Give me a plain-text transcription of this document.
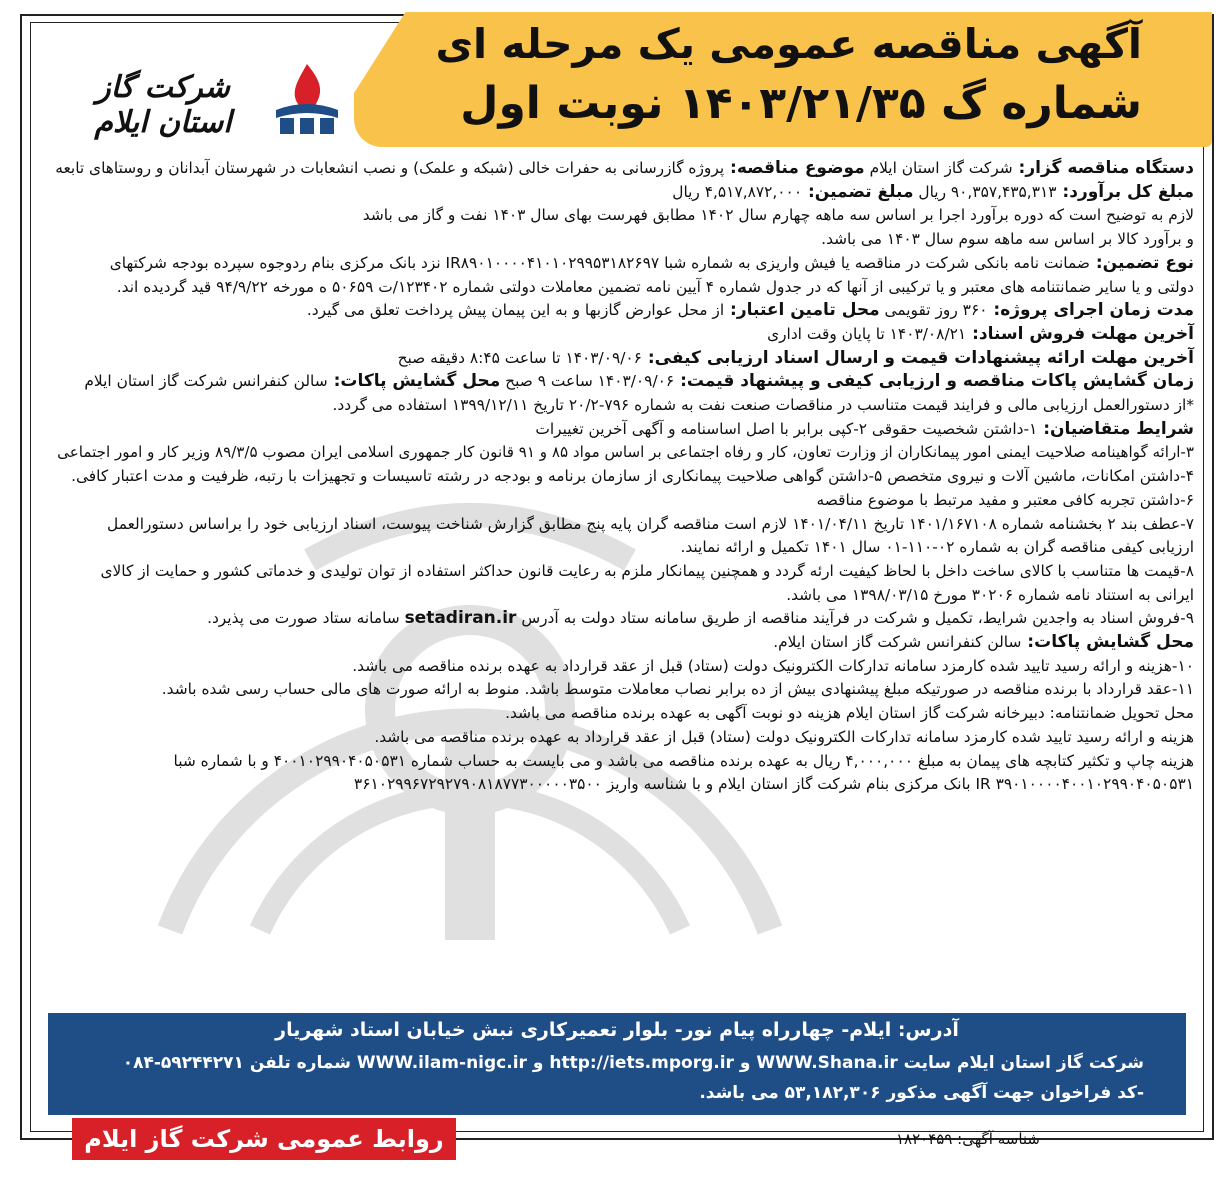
آگهی مناقصه عمومی یک مرحله ای
شماره گ ۱۴۰۳/۲۱/۳۵ نوبت اول
شرکت گاز استان ایلام

دستگاه مناقصه گزار: شرکت گاز استان ایلام موضوع مناقصه: پروژه گازرسانی به حفرات خالی (شبکه و علمک) و نصب انشعابات در شهرستان آبدانان و روستاهای تابعه

مبلغ کل برآورد: ۹۰,۳۵۷,۴۳۵,۳۱۳ ریال مبلغ تضمین: ۴,۵۱۷,۸۷۲,۰۰۰ ریال

لازم به توضیح است که دوره برآورد اجرا بر اساس سه ماهه چهارم سال ۱۴۰۲ مطابق فهرست بهای سال ۱۴۰۳ نفت و گاز می باشد

و برآورد کالا بر اساس سه ماهه سوم سال ۱۴۰۳ می باشد.

نوع تضمین: ضمانت نامه بانکی شرکت در مناقصه یا فیش واریزی به شماره شبا IR۸۹۰۱۰۰۰۰۴۱۰۱۰۲۹۹۵۳۱۸۲۶۹۷ نزد بانک مرکزی بنام ردوجوه سپرده بودجه شرکتهای

دولتی و یا سایر ضمانتنامه های معتبر و یا ترکیبی از آنها که در جدول شماره ۴ آیین نامه تضمین معاملات دولتی شماره ۱۲۳۴۰۲/ت ۵۰۶۵۹ ه مورخه ۹۴/۹/۲۲ قید گردیده اند.

مدت زمان اجرای پروژه: ۳۶۰ روز تقویمی محل تامین اعتبار: از محل عوارض گازبها و به این پیمان پیش پرداخت تعلق می گیرد.

آخرین مهلت فروش اسناد: ۱۴۰۳/۰۸/۲۱ تا پایان وقت اداری

آخرین مهلت ارائه پیشنهادات قیمت و ارسال اسناد ارزیابی کیفی: ۱۴۰۳/۰۹/۰۶ تا ساعت ۸:۴۵ دقیقه صبح

زمان گشایش پاکات مناقصه و ارزیابی کیفی و پیشنهاد قیمت: ۱۴۰۳/۰۹/۰۶ ساعت ۹ صبح محل گشایش پاکات: سالن کنفرانس شرکت گاز استان ایلام

*از دستورالعمل ارزیابی مالی و فرایند قیمت متناسب در مناقصات صنعت نفت به شماره ۷۹۶-۲۰/۲ تاریخ ۱۳۹۹/۱۲/۱۱ استفاده می گردد.

شرایط متقاضیان: ۱-داشتن شخصیت حقوقی ۲-کپی برابر با اصل اساسنامه و آگهی آخرین تغییرات

۳-ارائه گواهینامه صلاحیت ایمنی امور پیمانکاران از وزارت تعاون، کار و رفاه اجتماعی بر اساس مواد ۸۵ و ۹۱ قانون کار جمهوری اسلامی ایران مصوب ۸۹/۳/۵ وزیر کار و امور اجتماعی

۴-داشتن امکانات، ماشین آلات و نیروی متخصص ۵-داشتن گواهی صلاحیت پیمانکاری از سازمان برنامه و بودجه در رشته تاسیسات و تجهیزات با رتبه، ظرفیت و مدت اعتبار کافی.

۶-داشتن تجربه کافی معتبر و مفید مرتبط با موضوع مناقصه

۷-عطف بند ۲ بخشنامه شماره ۱۴۰۱/۱۶۷۱۰۸ تاریخ ۱۴۰۱/۰۴/۱۱ لازم است مناقصه گران پایه پنج مطابق گزارش شناخت پیوست، اسناد ارزیابی خود را براساس دستورالعمل

ارزیابی کیفی مناقصه گران به شماره ۰۲-۱۱۰-۰۱ سال ۱۴۰۱ تکمیل و ارائه نمایند.

۸-قیمت ها متناسب با کالای ساخت داخل با لحاظ کیفیت ارئه گردد و همچنین پیمانکار ملزم به رعایت قانون حداکثر استفاده از توان تولیدی و خدماتی کشور و حمایت از کالای

ایرانی به استناد نامه شماره ۳۰۲۰۶ مورخ ۱۳۹۸/۰۳/۱۵ می باشد.

۹-فروش اسناد به واجدین شرایط، تکمیل و شرکت در فرآیند مناقصه از طریق سامانه ستاد دولت به آدرس setadiran.ir سامانه ستاد صورت می پذیرد.

محل گشایش پاکات: سالن کنفرانس شرکت گاز استان ایلام.

۱۰-هزینه و ارائه رسید تایید شده کارمزد سامانه تدارکات الکترونیک دولت (ستاد) قبل از عقد قرارداد به عهده برنده مناقصه می باشد.

۱۱-عقد قرارداد با برنده مناقصه در صورتیکه مبلغ پیشنهادی بیش از ده برابر نصاب معاملات متوسط باشد. منوط به ارائه صورت های مالی حساب رسی شده باشد.

محل تحویل ضمانتنامه: دبیرخانه شرکت گاز استان ایلام هزینه دو نوبت آگهی به عهده برنده مناقصه می باشد.

هزینه و ارائه رسید تایید شده کارمزد سامانه تدارکات الکترونیک دولت (ستاد) قبل از عقد قرارداد به عهده برنده مناقصه می باشد.

هزینه چاپ و تکثیر کتابچه های پیمان به مبلغ ۴,۰۰۰,۰۰۰ ریال به عهده برنده مناقصه می باشد و می بایست به حساب شماره ۴۰۰۱۰۲۹۹۰۴۰۵۰۵۳۱ و با شماره شبا

IR ۳۹۰۱۰۰۰۰۴۰۰۱۰۲۹۹۰۴۰۵۰۵۳۱ بانک مرکزی بنام شرکت گاز استان ایلام و با شناسه واریز ۳۶۱۰۲۹۹۶۷۲۹۲۷۹۰۸۱۸۷۷۳۰۰۰۰۰۳۵۰۰

آدرس: ایلام- چهارراه پیام نور- بلوار تعمیرکاری نبش خیابان استاد شهریار
شرکت گاز استان ایلام سایت WWW.Shana.ir و http://iets.mporg.ir و WWW.ilam-nigc.ir شماره تلفن ۵۹۲۴۴۲۷۱-۰۸۴
-کد فراخوان جهت آگهی مذکور ۵۳,۱۸۲,۳۰۶ می باشد.
روابط عمومی شرکت گاز ایلام	شناسه آگهی: ۱۸۲۰۴۵۹
